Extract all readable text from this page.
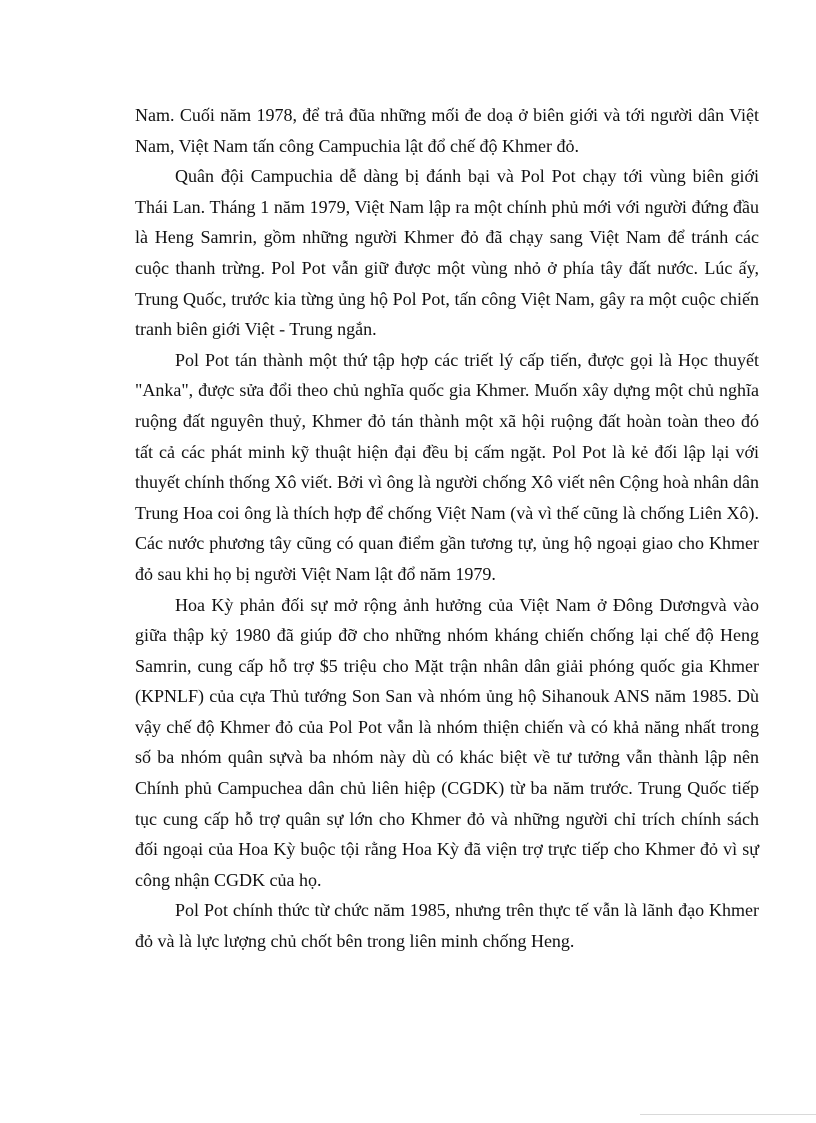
Nam. Cuối năm 1978, để trả đũa những mối đe doạ ở biên giới và tới người dân Việt Nam, Việt Nam tấn công Campuchia lật đổ chế độ Khmer đỏ.

Quân đội Campuchia dễ dàng bị đánh bại và Pol Pot chạy tới vùng biên giới Thái Lan. Tháng 1 năm 1979, Việt Nam lập ra một chính phủ mới với người đứng đầu là Heng Samrin, gồm những người Khmer đỏ đã chạy sang Việt Nam để tránh các cuộc thanh trừng. Pol Pot vẫn giữ được một vùng nhỏ ở phía tây đất nước. Lúc ấy, Trung Quốc, trước kia từng ủng hộ Pol Pot, tấn công Việt Nam, gây ra một cuộc chiến tranh biên giới Việt - Trung ngắn.

Pol Pot tán thành một thứ tập hợp các triết lý cấp tiến, được gọi là Học thuyết "Anka", được sửa đổi theo chủ nghĩa quốc gia Khmer. Muốn xây dựng một chủ nghĩa ruộng đất nguyên thuỷ, Khmer đỏ tán thành một xã hội ruộng đất hoàn toàn theo đó tất cả các phát minh kỹ thuật hiện đại đều bị cấm ngặt. Pol Pot là kẻ đối lập lại với thuyết chính thống Xô viết. Bởi vì ông là người chống Xô viết nên Cộng hoà nhân dân Trung Hoa coi ông là thích hợp để chống Việt Nam (và vì thế cũng là chống Liên Xô). Các nước phương tây cũng có quan điểm gần tương tự, ủng hộ ngoại giao cho Khmer đỏ sau khi họ bị người Việt Nam lật đổ năm 1979.

Hoa Kỳ phản đối sự mở rộng ảnh hưởng của Việt Nam ở Đông Dươngvà vào giữa thập kỷ 1980 đã giúp đỡ cho những nhóm kháng chiến chống lại chế độ Heng Samrin, cung cấp hỗ trợ $5 triệu cho Mặt trận nhân dân giải phóng quốc gia Khmer (KPNLF) của cựa Thủ tướng Son San và nhóm ủng hộ Sihanouk ANS năm 1985. Dù vậy chế độ Khmer đỏ của Pol Pot vẫn là nhóm thiện chiến và có khả năng nhất trong số ba nhóm quân sựvà ba nhóm này dù có khác biệt về tư tưởng vẫn thành lập nên Chính phủ Campuchea dân chủ liên hiệp (CGDK) từ ba năm trước. Trung Quốc tiếp tục cung cấp hỗ trợ quân sự lớn cho Khmer đỏ và những người chỉ trích chính sách đối ngoại của Hoa Kỳ buộc tội rằng Hoa Kỳ đã viện trợ trực tiếp cho Khmer đỏ vì sự công nhận CGDK của họ.

Pol Pot chính thức từ chức năm 1985, nhưng trên thực tế vẫn là lãnh đạo Khmer đỏ và là lực lượng chủ chốt bên trong liên minh chống Heng.
